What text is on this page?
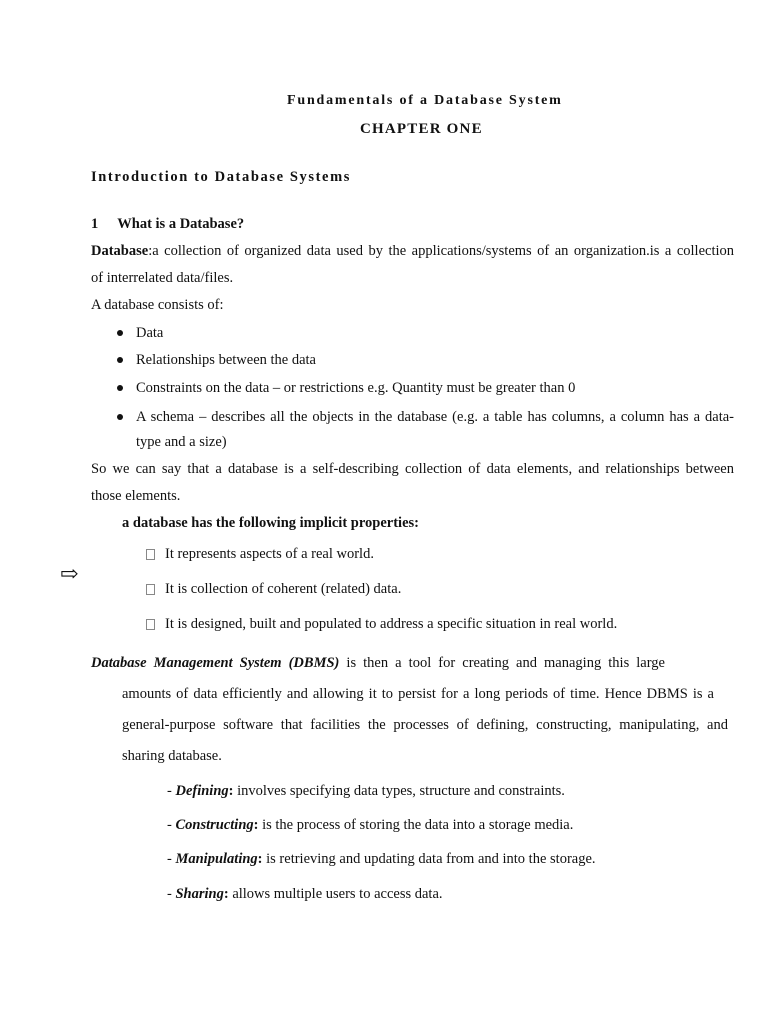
Fundamentals of a Database System
CHAPTER ONE
Introduction to Database Systems
1 What is a Database?
Database:a collection of organized data used by the applications/systems of an organization.is a collection
of interrelated data/files.
A database consists of:
Data
Relationships between the data
Constraints on the data – or restrictions e.g. Quantity must be greater than 0
A schema – describes all the objects in the database (e.g. a table has columns, a column has a data-
type and a size)
So we can say that a database is a self-describing collection of data elements, and relationships between
those elements.
a database has the following implicit properties:
⇨
It represents aspects of a real world.
It is collection of coherent (related) data.
It is designed, built and populated to address a specific situation in real world.
Database Management System (DBMS) is then a tool for creating and managing this large
amounts of data efficiently and allowing it to persist for a long periods of time. Hence DBMS is a
general-purpose software that facilities the processes of defining, constructing, manipulating, and
sharing database.
- Defining: involves specifying data types, structure and constraints.
- Constructing: is the process of storing the data into a storage media.
- Manipulating: is retrieving and updating data from and into the storage.
- Sharing: allows multiple users to access data.
